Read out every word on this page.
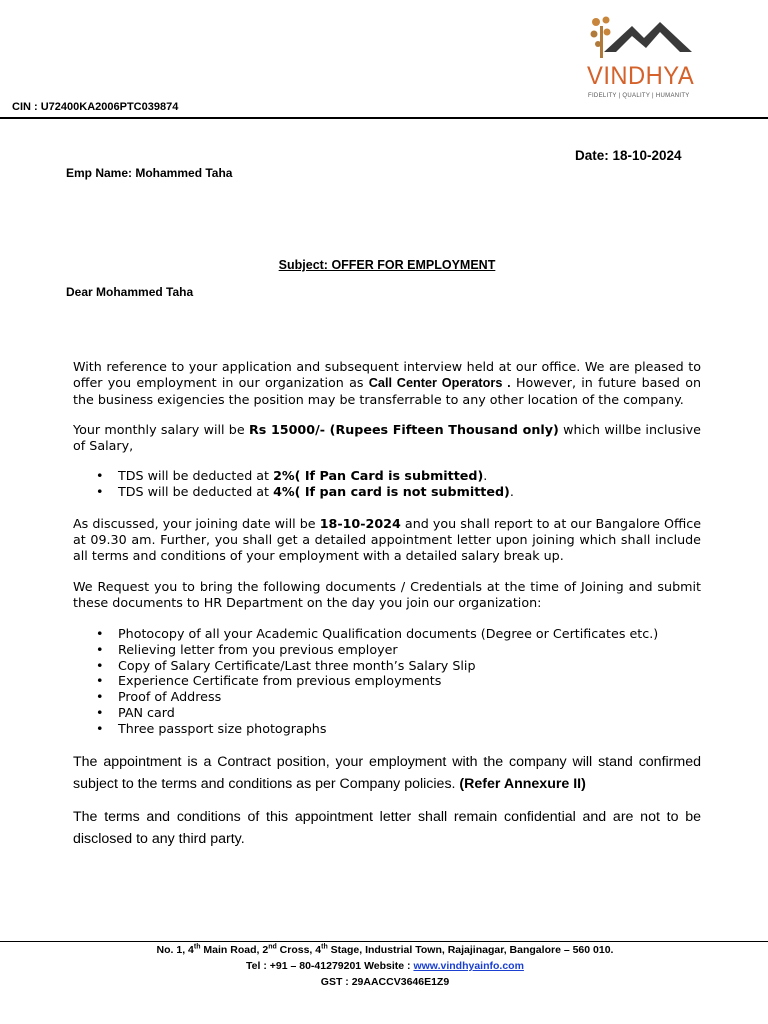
VINDHYA
FIDELITY | QUALITY | HUMANITY
CIN : U72400KA2006PTC039874
Date: 18-10-2024
Emp Name: Mohammed Taha
Subject: OFFER FOR EMPLOYMENT
Dear Mohammed Taha
With reference to your application and subsequent interview held at our office. We are pleased to offer you employment in our organization as Call Center Operators . However, in future based on the business exigencies the position may be transferrable to any other location of the company.
Your monthly salary will be Rs 15000/- (Rupees Fifteen Thousand only) which willbe inclusive of Salary,
• TDS will be deducted at 2%( If Pan Card is submitted).
• TDS will be deducted at 4%( If pan card is not submitted).
As discussed, your joining date will be 18-10-2024 and you shall report to at our Bangalore Office at 09.30 am. Further, you shall get a detailed appointment letter upon joining which shall include all terms and conditions of your employment with a detailed salary break up.
We Request you to bring the following documents / Credentials at the time of Joining and submit these documents to HR Department on the day you join our organization:
• Photocopy of all your Academic Qualification documents (Degree or Certificates etc.)
• Relieving letter from you previous employer
• Copy of Salary Certificate/Last three month’s Salary Slip
• Experience Certificate from previous employments
• Proof of Address
• PAN card
• Three passport size photographs
The appointment is a Contract position, your employment with the company will stand confirmed subject to the terms and conditions as per Company policies. (Refer Annexure II)
The terms and conditions of this appointment letter shall remain confidential and are not to be disclosed to any third party.
No. 1, 4th Main Road, 2nd Cross, 4th Stage, Industrial Town, Rajajinagar, Bangalore – 560 010.
Tel : +91 – 80-41279201 Website : www.vindhyainfo.com
GST : 29AACCV3646E1Z9
